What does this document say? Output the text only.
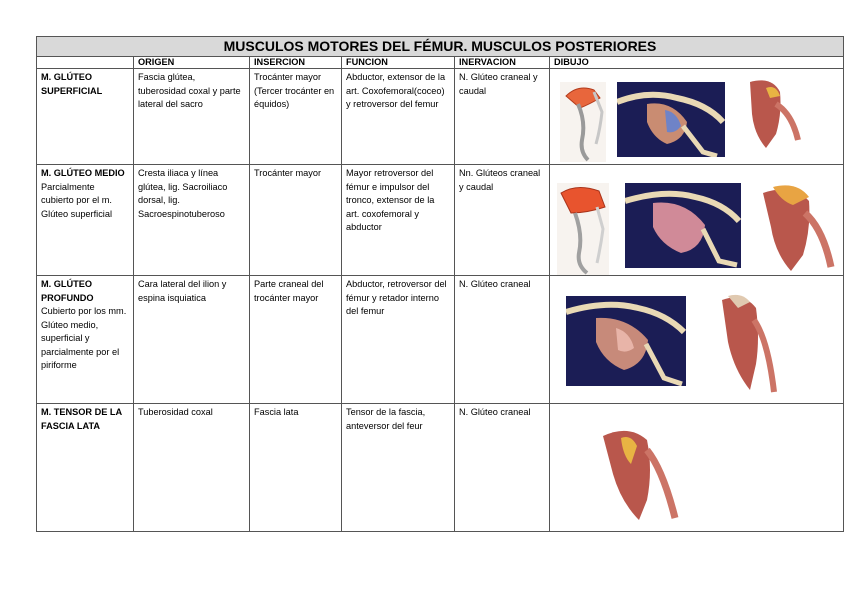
MUSCULOS MOTORES DEL FÉMUR. MUSCULOS POSTERIORES					
	ORIGEN	INSERCION	FUNCION	INERVACION	DIBUJO

M. GLÚTEO SUPERFICIAL	Fascia glútea, tuberosidad coxal y parte lateral del sacro	Trocánter mayor (Tercer trocánter en équidos)	Abductor, extensor de la art. Coxofemoral(coceo) y retroversor del femur	N. Glúteo craneal y caudal	

M. GLÚTEO MEDIO
Parcialmente cubierto por el m. Glúteo superficial	Cresta iliaca y línea glútea, lig. Sacroiliaco dorsal, lig. Sacroespinotuberoso	Trocánter mayor	Mayor retroversor del fémur e impulsor del tronco, extensor de la art. coxofemoral y abductor	Nn. Glúteos craneal y caudal	

M. GLÚTEO PROFUNDO
Cubierto por los mm. Glúteo medio, superficial y parcialmente por el piriforme	Cara lateral del ilion y espina isquiatica	Parte craneal del trocánter mayor	Abductor, retroversor del fémur y retador interno del femur	N. Glúteo craneal	

M. TENSOR DE LA FASCIA LATA	Tuberosidad coxal	Fascia lata	Tensor de la fascia, anteversor del feur	N. Glúteo craneal	
